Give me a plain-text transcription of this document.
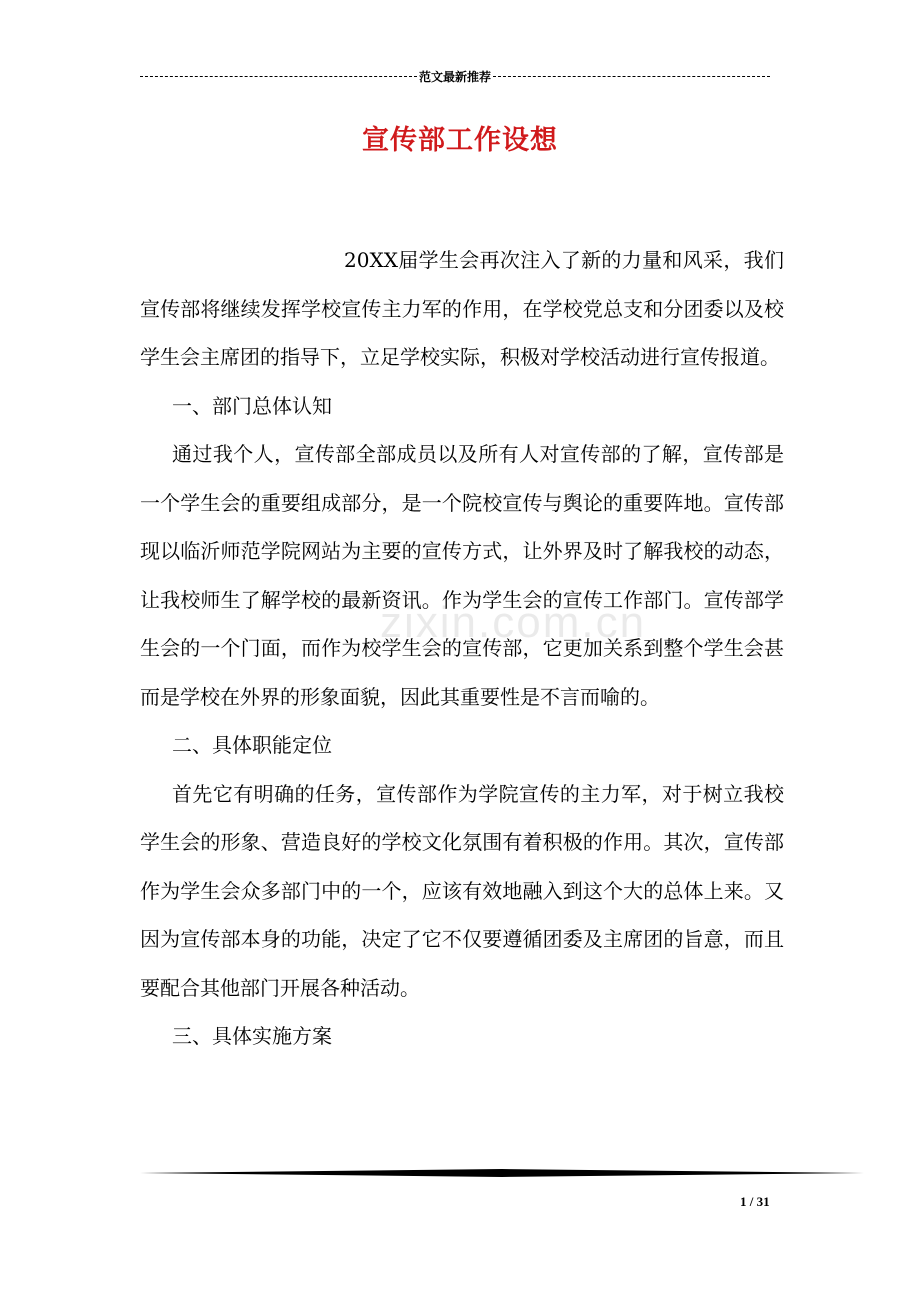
范文最新推荐
宣传部工作设想
zixin.com.cn

20XX届学生会再次注入了新的力量和风采，我们宣传部将继续发挥学校宣传主力军的作用，在学校党总支和分团委以及校学生会主席团的指导下，立足学校实际，积极对学校活动进行宣传报道。

一、部门总体认知

通过我个人，宣传部全部成员以及所有人对宣传部的了解，宣传部是一个学生会的重要组成部分，是一个院校宣传与舆论的重要阵地。宣传部现以临沂师范学院网站为主要的宣传方式，让外界及时了解我校的动态，让我校师生了解学校的最新资讯。作为学生会的宣传工作部门。宣传部学生会的一个门面，而作为校学生会的宣传部，它更加关系到整个学生会甚而是学校在外界的形象面貌，因此其重要性是不言而喻的。

二、具体职能定位

首先它有明确的任务，宣传部作为学院宣传的主力军，对于树立我校学生会的形象、营造良好的学校文化氛围有着积极的作用。其次，宣传部作为学生会众多部门中的一个，应该有效地融入到这个大的总体上来。又因为宣传部本身的功能，决定了它不仅要遵循团委及主席团的旨意，而且要配合其他部门开展各种活动。

三、具体实施方案

1 / 31
